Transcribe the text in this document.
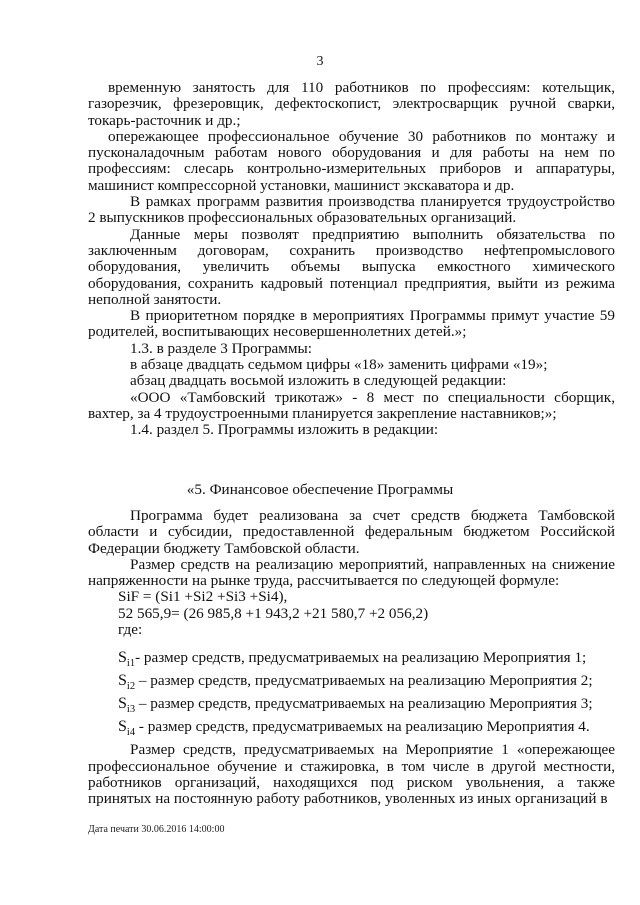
3

временную занятость для 110 работников по профессиям: котельщик, газорезчик, фрезеровщик, дефектоскопист, электросварщик ручной сварки, токарь-расточник и др.;

опережающее профессиональное обучение 30 работников по монтажу и пусконаладочным работам нового оборудования и для работы на нем по профессиям: слесарь контрольно-измерительных приборов и аппаратуры, машинист компрессорной установки, машинист экскаватора и др.

В рамках программ развития производства планируется трудоустройство 2 выпускников профессиональных образовательных организаций.

Данные меры позволят предприятию выполнить обязательства по заключенным договорам, сохранить производство нефтепромыслового оборудования, увеличить объемы выпуска емкостного химического оборудования, сохранить кадровый потенциал предприятия, выйти из режима неполной занятости.

В приоритетном порядке в мероприятиях Программы примут участие 59 родителей, воспитывающих несовершеннолетних детей.»;

1.3. в разделе 3 Программы:

в абзаце двадцать седьмом цифры «18» заменить цифрами «19»;

абзац двадцать восьмой изложить в следующей редакции:

«ООО «Тамбовский трикотаж» - 8 мест по специальности сборщик, вахтер, за 4 трудоустроенными планируется закрепление наставников;»;

1.4. раздел 5. Программы изложить в редакции:

«5. Финансовое обеспечение Программы

Программа будет реализована за счет средств бюджета Тамбовской области и субсидии, предоставленной федеральным бюджетом Российской Федерации бюджету Тамбовской области.

Размер средств на реализацию мероприятий, направленных на снижение напряженности на рынке труда, рассчитывается по следующей формуле:

SiF = (Si1 +Si2 +Si3 +Si4),
52 565,9= (26 985,8 +1 943,2 +21 580,7 +2 056,2)
где:
$S_{i1}-$ размер средств, предусматриваемых на реализацию Мероприятия 1;
$S_{i2}$ – размер средств, предусматриваемых на реализацию Мероприятия 2;
$S_{i3}$ – размер средств, предусматриваемых на реализацию Мероприятия 3;
$S_{i4}$ - размер средств, предусматриваемых на реализацию Мероприятия 4.

Размер средств, предусматриваемых на Мероприятие 1 «опережающее профессиональное обучение и стажировка, в том числе в другой местности, работников организаций, находящихся под риском увольнения, а также принятых на постоянную работу работников, уволенных из иных организаций в

Дата печати 30.06.2016 14:00:00
